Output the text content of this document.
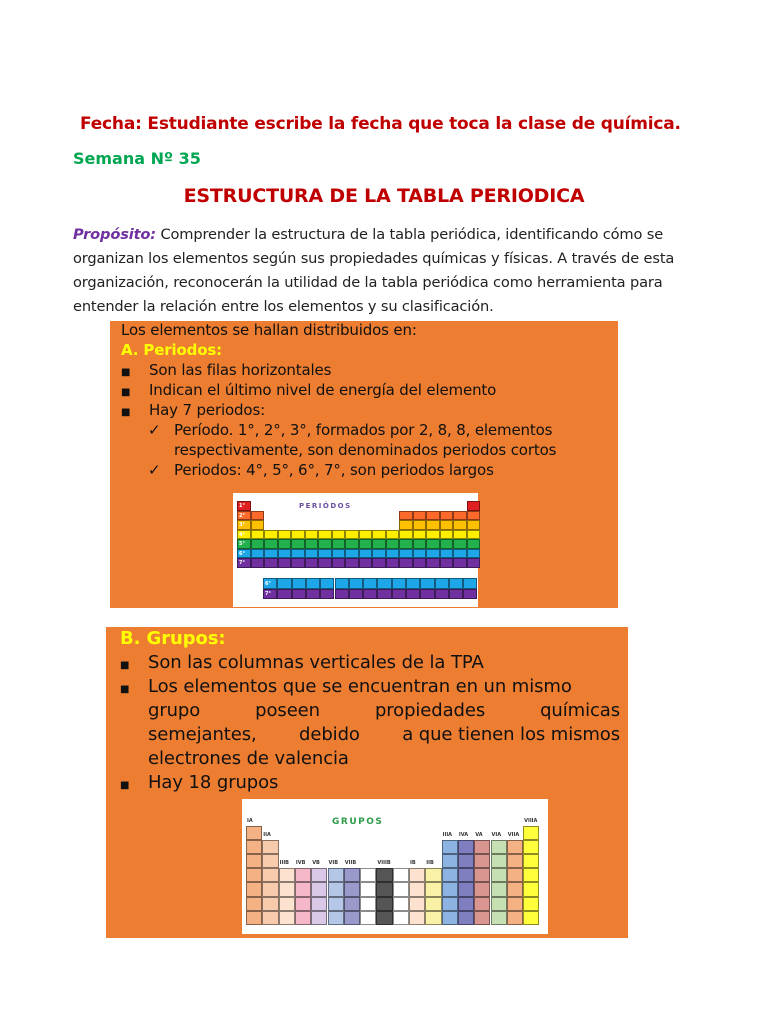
Fecha: Estudiante escribe la fecha que toca la clase de química.
Semana Nº 35
ESTRUCTURA DE LA TABLA PERIODICA
Propósito: Comprender la estructura de la tabla periódica, identificando cómo se
organizan los elementos según sus propiedades químicas y físicas. A través de esta
organización, reconocerán la utilidad de la tabla periódica como herramienta para
entender la relación entre los elementos y su clasificación.
Los elementos se hallan distribuidos en:
A. Periodos:
■ Son las filas horizontales
■ Indican el último nivel de energía del elemento
■ Hay 7 periodos:
✓ Período. 1°, 2°, 3°, formados por 2, 8, 8, elementos
respectivamente, son denominados periodos cortos
✓ Periodos: 4°, 5°, 6°, 7°, son periodos largos
PERIÓDOS
1°
2°
3°
4°
5°
6°
7°
6°
7°
B. Grupos:
■ Son las columnas verticales de la TPA
■ Los elementos que se encuentran en un mismo
grupo	poseen	propiedades	químicas
semejantes, debido a que tienen los mismos
electrones de valencia
■ Hay 18 grupos
GRUPOS
IA
IIA
IIIB IVB VB VIB VIIB	VIIIB	IB IIB
IIIA IVA VA VIA VIIA
VIIIA
